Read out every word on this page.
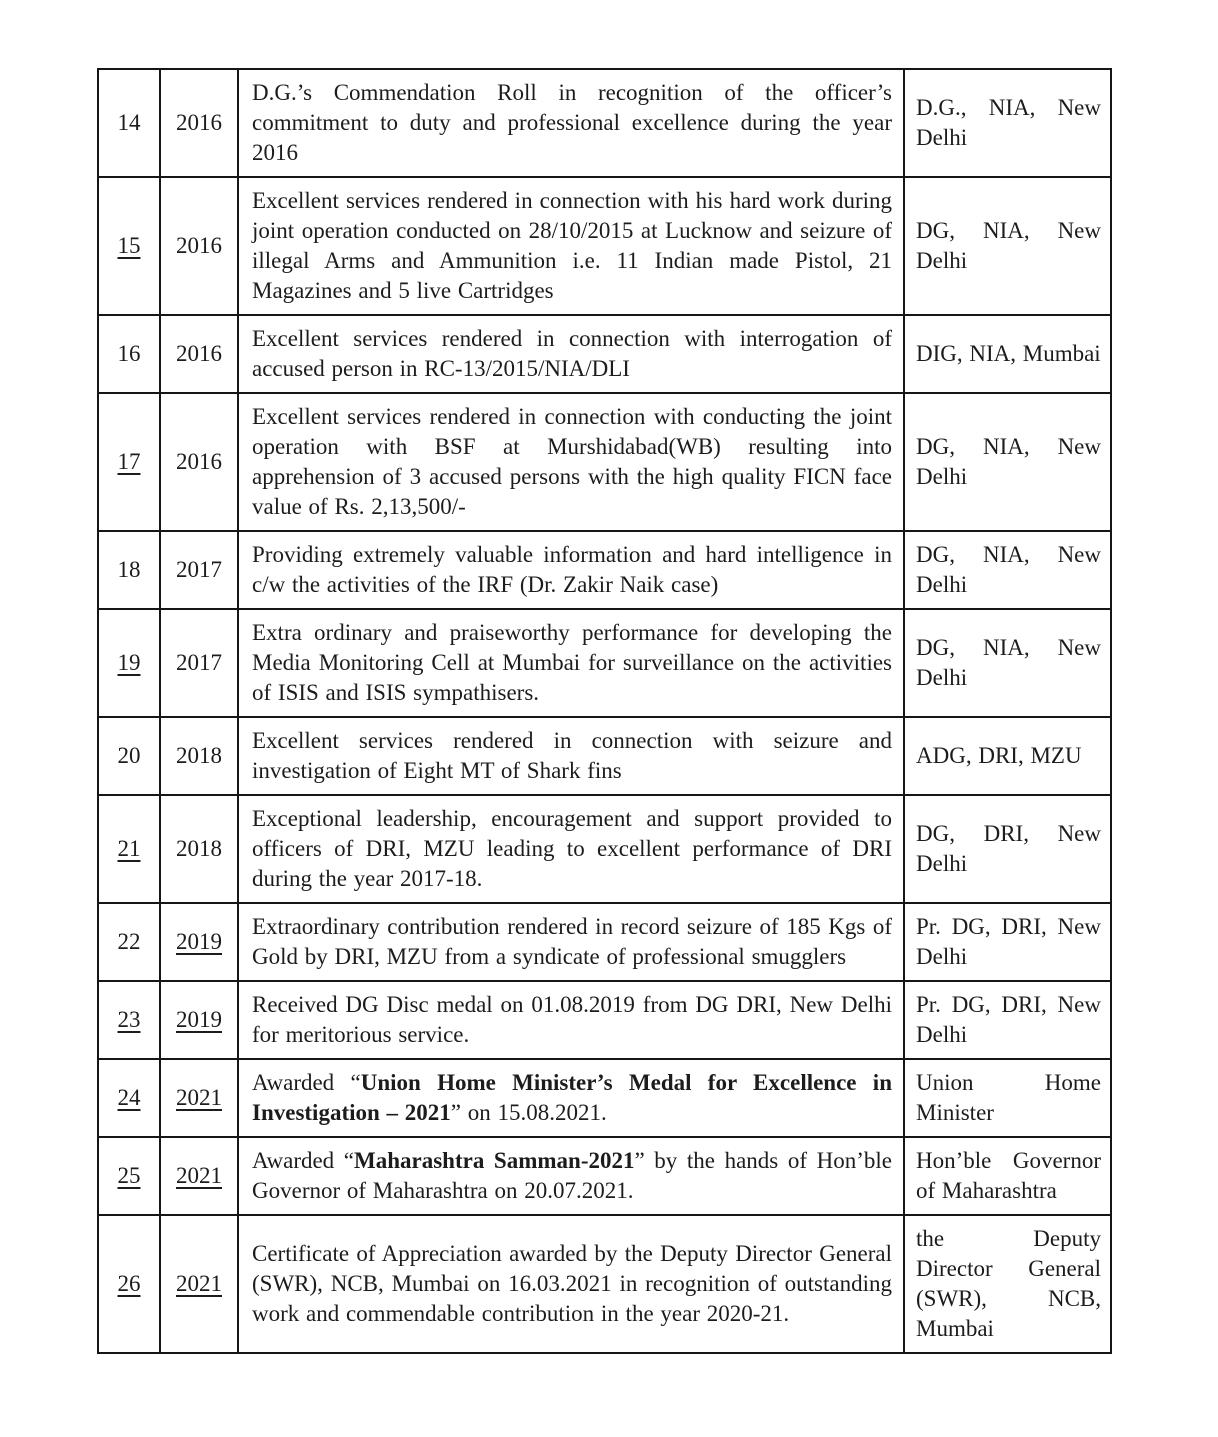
14	2016	D.G.’s Commendation Roll in recognition of the officer’s commitment to duty and professional excellence during the year 2016	D.G., NIA, New Delhi
15	2016	Excellent services rendered in connection with his hard work during joint operation conducted on 28/10/2015 at Lucknow and seizure of illegal Arms and Ammunition i.e. 11 Indian made Pistol, 21 Magazines and 5 live Cartridges	DG, NIA, New Delhi
16	2016	Excellent services rendered in connection with interrogation of accused person in RC-13/2015/NIA/DLI	DIG, NIA, Mumbai
17	2016	Excellent services rendered in connection with conducting the joint operation with BSF at Murshidabad(WB) resulting into apprehension of 3 accused persons with the high quality FICN face value of Rs. 2,13,500/-	DG, NIA, New Delhi
18	2017	Providing extremely valuable information and hard intelligence in c/w the activities of the IRF (Dr. Zakir Naik case)	DG, NIA, New Delhi
19	2017	Extra ordinary and praiseworthy performance for developing the Media Monitoring Cell at Mumbai for surveillance on the activities of ISIS and ISIS sympathisers.	DG, NIA, New Delhi
20	2018	Excellent services rendered in connection with seizure and investigation of Eight MT of Shark fins	ADG, DRI, MZU
21	2018	Exceptional leadership, encouragement and support provided to officers of DRI, MZU leading to excellent performance of DRI during the year 2017-18.	DG, DRI, New Delhi
22	2019	Extraordinary contribution rendered in record seizure of 185 Kgs of Gold by DRI, MZU from a syndicate of professional smugglers	Pr. DG, DRI, New Delhi
23	2019	Received DG Disc medal on 01.08.2019 from DG DRI, New Delhi for meritorious service.	Pr. DG, DRI, New Delhi
24	2021	Awarded “Union Home Minister’s Medal for Excellence in Investigation – 2021” on 15.08.2021.	Union Home Minister
25	2021	Awarded “Maharashtra Samman-2021” by the hands of Hon’ble Governor of Maharashtra on 20.07.2021.	Hon’ble Governor of Maharashtra
26	2021	Certificate of Appreciation awarded by the Deputy Director General (SWR), NCB, Mumbai on 16.03.2021 in recognition of outstanding work and commendable contribution in the year 2020-21.	the Deputy Director General (SWR), NCB, Mumbai
